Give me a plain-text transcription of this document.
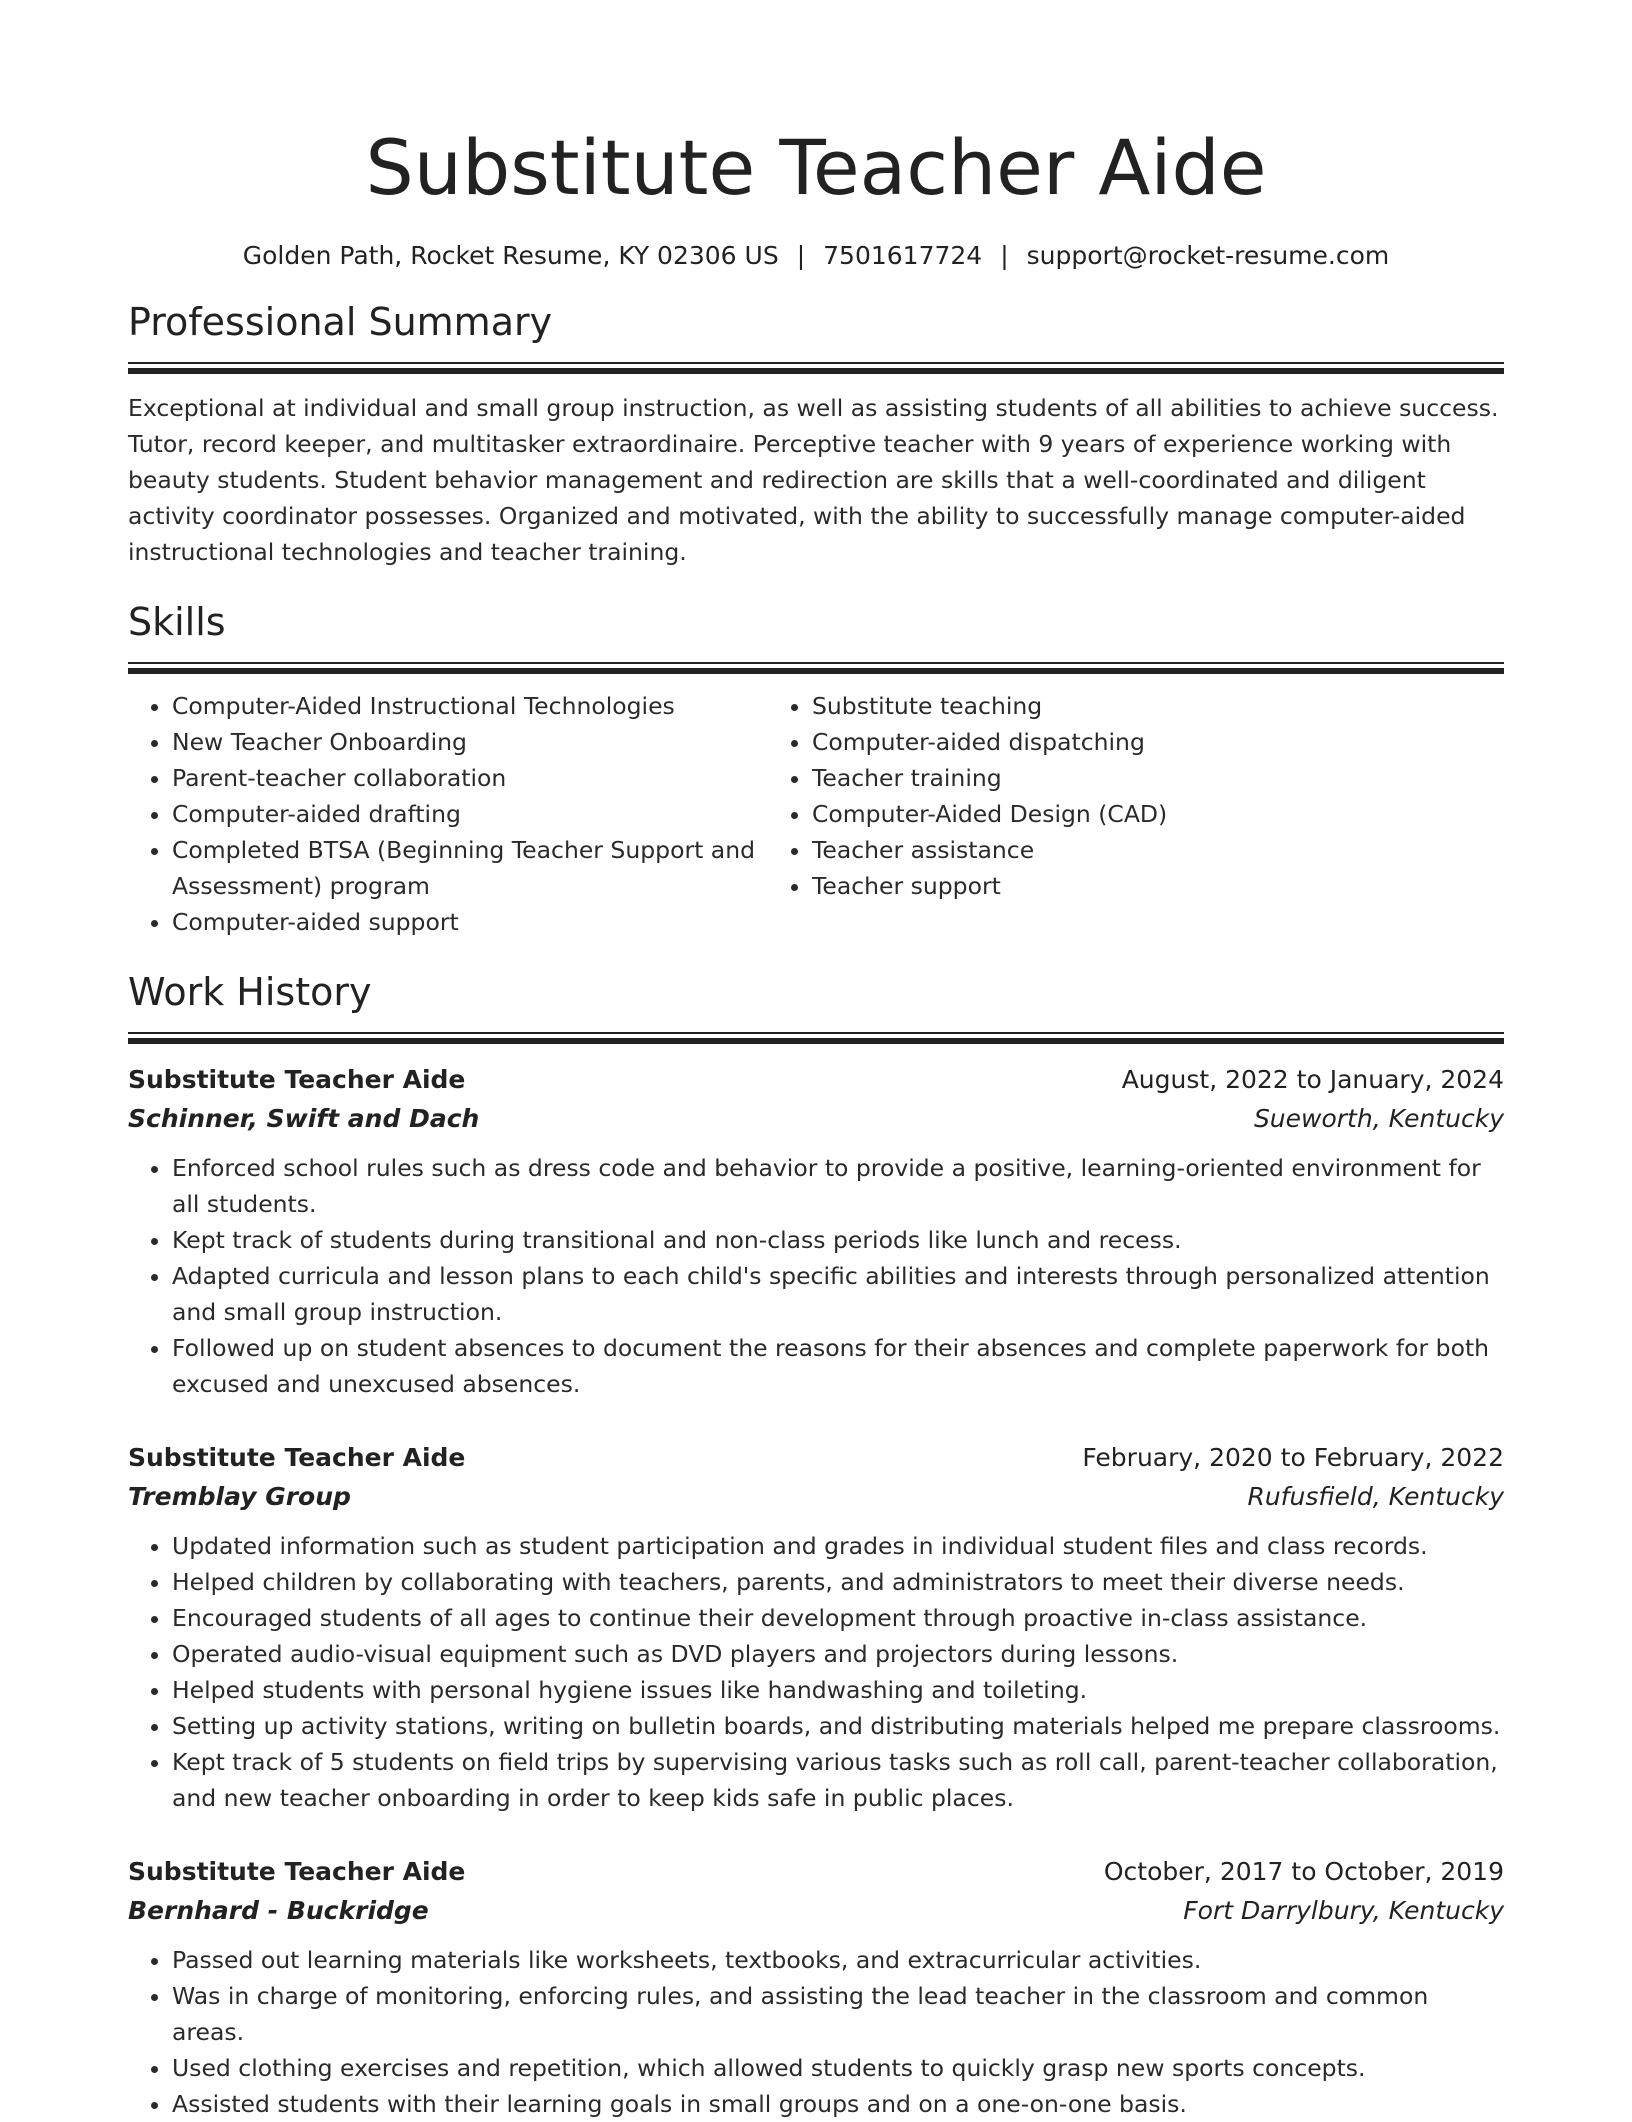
Substitute Teacher Aide
Golden Path, Rocket Resume, KY 02306 US | 7501617724 | support@rocket-resume.com
Professional Summary

Exceptional at individual and small group instruction, as well as assisting students of all abilities to achieve success. Tutor, record keeper, and multitasker extraordinaire. Perceptive teacher with 9 years of experience working with beauty students. Student behavior management and redirection are skills that a well-coordinated and diligent activity coordinator possesses. Organized and motivated, with the ability to successfully manage computer-aided instructional technologies and teacher training.

Skills
• Computer-Aided Instructional Technologies
• New Teacher Onboarding
• Parent-teacher collaboration
• Computer-aided drafting
• Completed BTSA (Beginning Teacher Support and Assessment) program
• Computer-aided support
• Substitute teaching
• Computer-aided dispatching
• Teacher training
• Computer-Aided Design (CAD)
• Teacher assistance
• Teacher support
Work History
Substitute Teacher Aide	August, 2022 to January, 2024
Schinner, Swift and Dach	Sueworth, Kentucky
• Enforced school rules such as dress code and behavior to provide a positive, learning-oriented environment for all students.
• Kept track of students during transitional and non-class periods like lunch and recess.
• Adapted curricula and lesson plans to each child's specific abilities and interests through personalized attention and small group instruction.
• Followed up on student absences to document the reasons for their absences and complete paperwork for both excused and unexcused absences.
Substitute Teacher Aide	February, 2020 to February, 2022
Tremblay Group	Rufusfield, Kentucky
• Updated information such as student participation and grades in individual student files and class records.
• Helped children by collaborating with teachers, parents, and administrators to meet their diverse needs.
• Encouraged students of all ages to continue their development through proactive in-class assistance.
• Operated audio-visual equipment such as DVD players and projectors during lessons.
• Helped students with personal hygiene issues like handwashing and toileting.
• Setting up activity stations, writing on bulletin boards, and distributing materials helped me prepare classrooms.
• Kept track of 5 students on field trips by supervising various tasks such as roll call, parent-teacher collaboration, and new teacher onboarding in order to keep kids safe in public places.
Substitute Teacher Aide	October, 2017 to October, 2019
Bernhard - Buckridge	Fort Darrylbury, Kentucky
• Passed out learning materials like worksheets, textbooks, and extracurricular activities.
• Was in charge of monitoring, enforcing rules, and assisting the lead teacher in the classroom and common areas.
• Used clothing exercises and repetition, which allowed students to quickly grasp new sports concepts.
• Assisted students with their learning goals in small groups and on a one-on-one basis.
